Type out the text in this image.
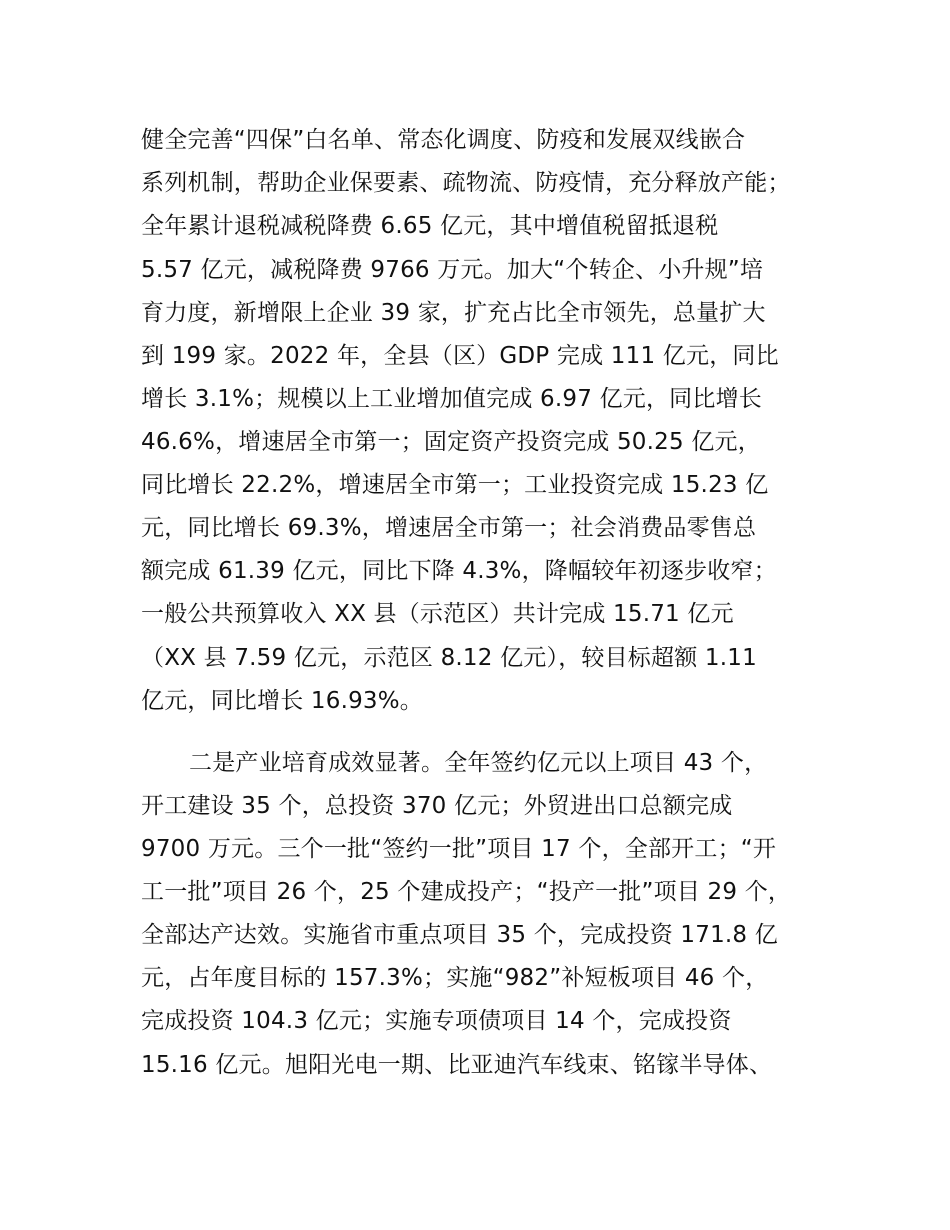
健全完善“四保”白名单、常态化调度、防疫和发展双线嵌合
系列机制，帮助企业保要素、疏物流、防疫情，充分释放产能；
全年累计退税减税降费 6.65 亿元，其中增值税留抵退税
5.57 亿元，减税降费 9766 万元。加大“个转企、小升规”培
育力度，新增限上企业 39 家，扩充占比全市领先，总量扩大
到 199 家。2022 年，全县（区）GDP 完成 111 亿元，同比
增长 3.1%；规模以上工业增加值完成 6.97 亿元，同比增长
46.6%，增速居全市第一；固定资产投资完成 50.25 亿元，
同比增长 22.2%，增速居全市第一；工业投资完成 15.23 亿
元，同比增长 69.3%，增速居全市第一；社会消费品零售总
额完成 61.39 亿元，同比下降 4.3%，降幅较年初逐步收窄；
一般公共预算收入 XX 县（示范区）共计完成 15.71 亿元
（XX 县 7.59 亿元，示范区 8.12 亿元），较目标超额 1.11
亿元，同比增长 16.93%。
二是产业培育成效显著。全年签约亿元以上项目 43 个，
开工建设 35 个，总投资 370 亿元；外贸进出口总额完成
9700 万元。三个一批“签约一批”项目 17 个，全部开工；“开
工一批”项目 26 个，25 个建成投产；“投产一批”项目 29 个，
全部达产达效。实施省市重点项目 35 个，完成投资 171.8 亿
元，占年度目标的 157.3%；实施“982”补短板项目 46 个，
完成投资 104.3 亿元；实施专项债项目 14 个，完成投资
15.16 亿元。旭阳光电一期、比亚迪汽车线束、铭镓半导体、
